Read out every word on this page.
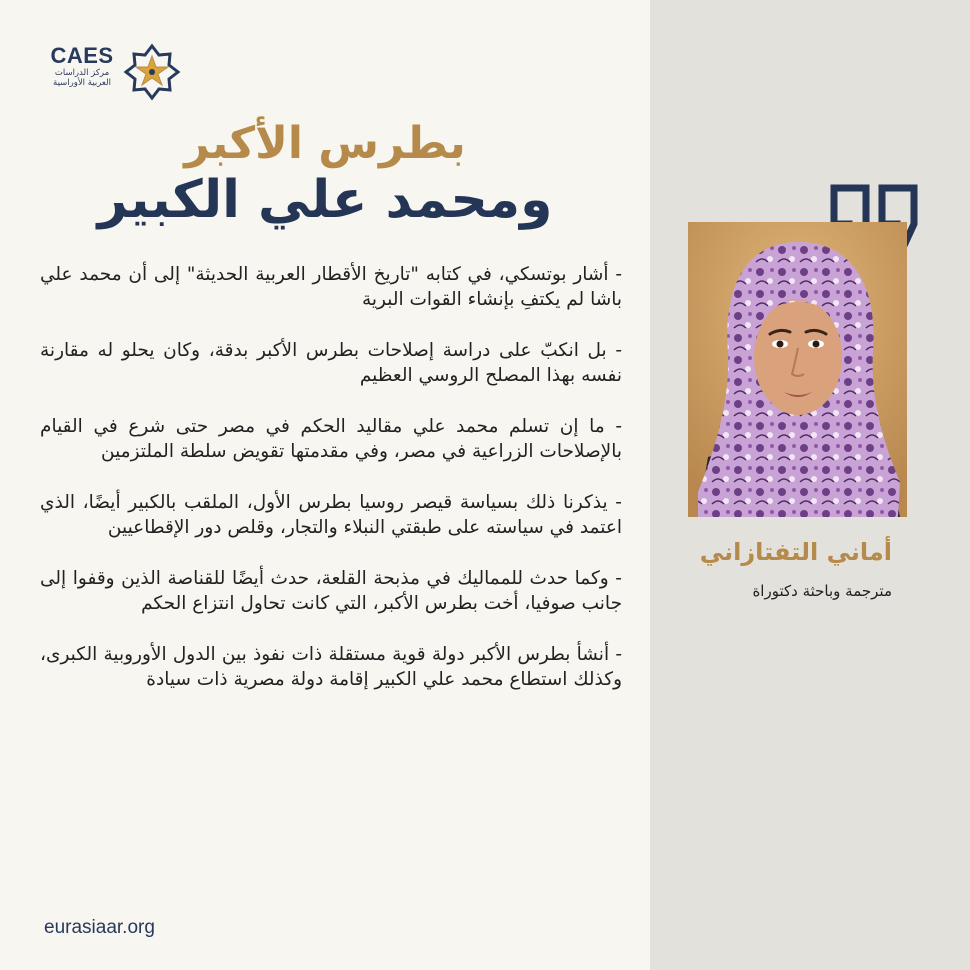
CAES
مركز الدراسات
العربية الأوراسية
بطرس الأكبر
ومحمد علي الكبير

- أشار بوتسكي، في كتابه "تاريخ الأقطار العربية الحديثة" إلى أن محمد علي باشا لم يكتفِ بإنشاء القوات البرية

- بل انكبّ على دراسة إصلاحات بطرس الأكبر بدقة، وكان يحلو له مقارنة نفسه بهذا المصلح الروسي العظيم

- ما إن تسلم محمد علي مقاليد الحكم في مصر حتى شرع في القيام بالإصلاحات الزراعية في مصر، وفي مقدمتها تقويض سلطة الملتزمين

- يذكرنا ذلك بسياسة قيصر روسيا بطرس الأول، الملقب بالكبير أيضًا، الذي اعتمد في سياسته على طبقتي النبلاء والتجار، وقلص دور الإقطاعيين

- وكما حدث للمماليك في مذبحة القلعة، حدث أيضًا للقناصة الذين وقفوا إلى جانب صوفيا، أخت بطرس الأكبر، التي كانت تحاول انتزاع الحكم

- أنشأ بطرس الأكبر دولة قوية مستقلة ذات نفوذ بين الدول الأوروبية الكبرى، وكذلك استطاع محمد علي الكبير إقامة دولة مصرية ذات سيادة

eurasiaar.org
أماني التفتازاني
مترجمة وباحثة دكتوراة
